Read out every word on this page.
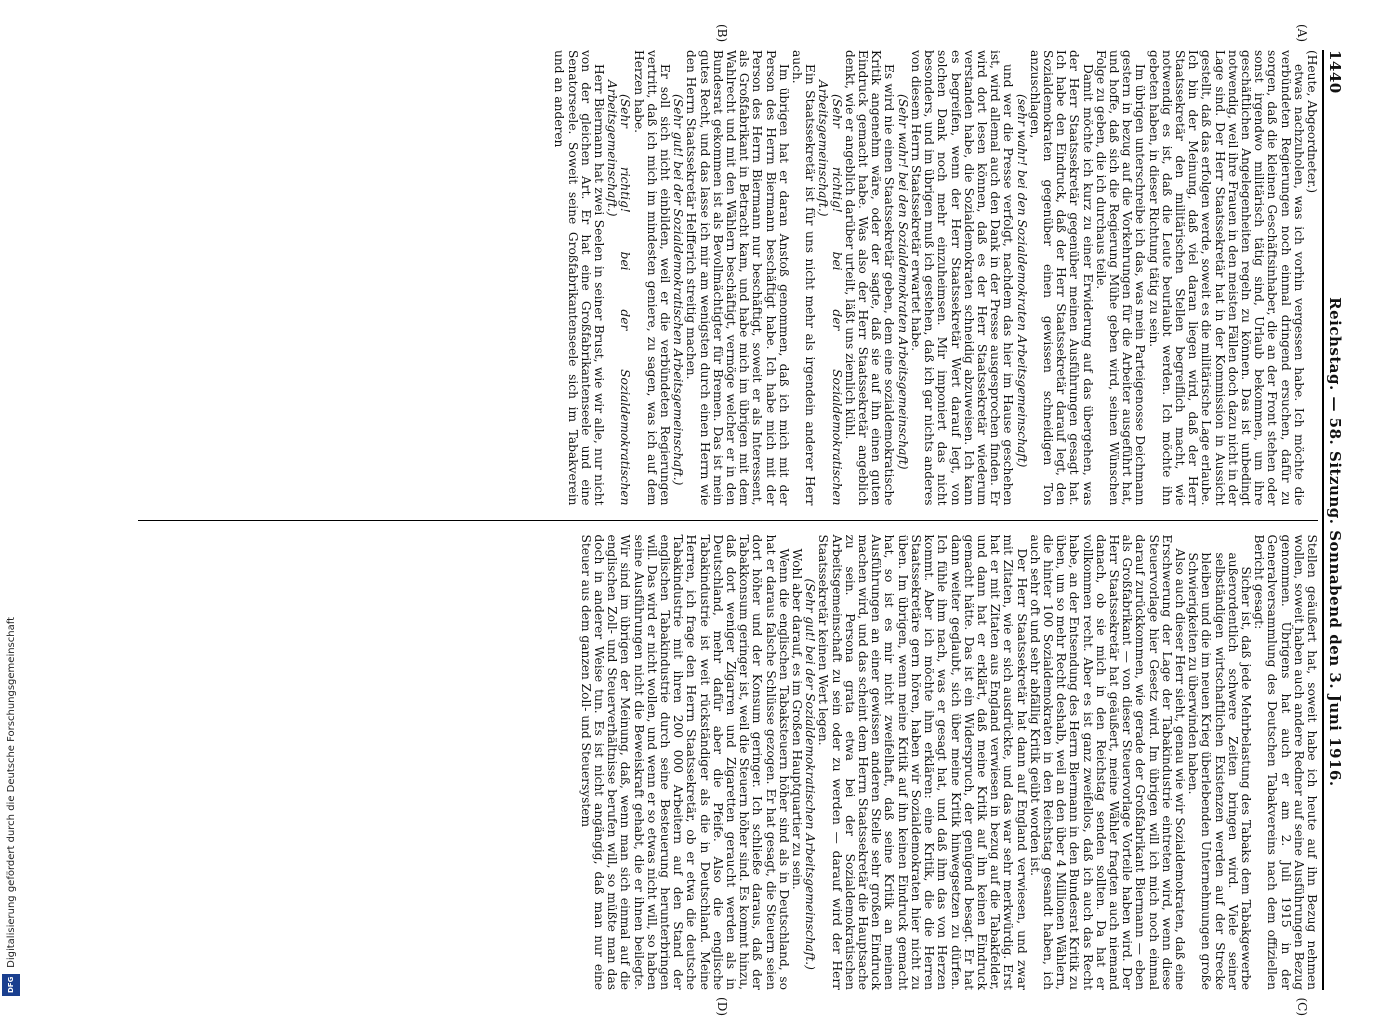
1440
Reichstag. — 58. Sitzung. Sonnabend den 3. Juni 1916.
(A)
(B)

(Heute, Abgeordneter.)

etwas nachzuholen, was ich vorhin vergessen habe. Ich möchte die verbündeten Regierungen noch einmal dringend ersuchen, dafür zu sorgen, daß die kleinen Geschäftsinhaber, die an der Front stehen oder sonst irgendwo militärisch tätig sind, Urlaub bekommen, um ihre geschäftlichen Angelegenheiten regeln zu können. Das ist unbedingt notwendig, weil ihre Frauen in den meisten Fällen doch dazu nicht in der Lage sind. Der Herr Staatssekretär hat in der Kommission in Aussicht gestellt, daß das erfolgen werde, soweit es die militärische Lage erlaube. Ich bin der Meinung, daß viel daran liegen wird, daß der Herr Staatssekretär den militärischen Stellen begreiflich macht, wie notwendig es ist, daß die Leute beurlaubt werden. Ich möchte ihn gebeten haben, in dieser Richtung tätig zu sein.

Im übrigen unterschreibe ich das, was mein Parteigenosse Deichmann gestern in bezug auf die Vorkehrungen für die Arbeiter ausgeführt hat, und hoffe, daß sich die Regierung Mühe geben wird, seinen Wünschen Folge zu geben, die ich durchaus teile.

Damit möchte ich kurz zu einer Erwiderung auf das übergehen, was der Herr Staatssekretär gegenüber meinen Ausführungen gesagt hat. Ich habe den Eindruck, daß der Herr Staatssekretär darauf legt, den Sozialdemokraten gegenüber einen gewissen schneidigen Ton anzuschlagen,

(sehr wahr! bei den Sozialdemokraten Arbeitsgemeinschaft)

und wer die Presse verfolgt, nachdem das hier im Hause geschehen ist, wird allemal auch den Dank in der Presse ausgesprochen finden. Er wird dort lesen können, daß es der Herr Staatssekretär wiederum verstanden habe, die Sozialdemokraten schneidig abzuweisen. Ich kann es begreifen, wenn der Herr Staatssekretär Wert darauf legt, von solchen Dank noch mehr einzuheimsen. Mir imponiert das nicht besonders, und im übrigen muß ich gestehen, daß ich gar nichts anderes von diesem Herrn Staatssekretär erwartet habe.

(Sehr wahr! bei den Sozialdemokraten Arbeitsgemeinschaft)

Es wird nie einen Staatssekretär geben, dem eine sozialdemokratische Kritik angenehm wäre, oder der sagte, daß sie auf ihn einen guten Eindruck gemacht habe. Was also der Herr Staatssekretär angeblich denkt, wie er angeblich darüber urteilt, läßt uns ziemlich kühl.

(Sehr richtig! bei der Sozialdemokratischen Arbeitsgemeinschaft.)

Ein Staatssekretär ist für uns nicht mehr als irgendein anderer Herr auch.

Im übrigen hat er daran Anstoß genommen, daß ich mich mit der Person des Herrn Biermann beschäftigt habe. Ich habe mich mit der Person des Herrn Biermann nur beschäftigt, soweit er als Interessent, als Großfabrikant in Betracht kam, und habe mich im übrigen mit dem Wahlrecht und mit den Wählern beschäftigt, vermöge welcher er in den Bundesrat gekommen ist als Bevollmächtigter für Bremen. Das ist mein gutes Recht, und das lasse ich mir am wenigsten durch einen Herrn wie den Herrn Staatssekretär Helfferich streitig machen.

(Sehr gut! bei der Sozialdemokratischen Arbeitsgemeinschaft.)

Er soll sich nicht einbilden, weil er die verbündeten Regierungen vertritt, daß ich mich im mindesten geniere, zu sagen, was ich auf dem Herzen habe.

(Sehr richtig! bei der Sozialdemokratischen Arbeitsgemeinschaft.)

Herr Biermann hat zwei Seelen in seiner Brust, wie wir alle, nur nicht von der gleichen Art. Er hat eine Großfabrikantenseele und eine Senatorseele. Soweit seine Großfabrikantenseele sich im Tabakverein und an anderen

(C)
(D)

Stellen geäußert hat, soweit habe ich heute auf ihn Bezug nehmen wollen, soweit haben auch andere Redner auf seine Ausführungen Bezug genommen. Übrigens hat auch er am 2. Juli 1915 in der Generalversammlung des Deutschen Tabakvereins nach dem offiziellen Bericht gesagt:

Sicher ist, daß jede Mehrbelastung des Tabaks dem Tabakgewerbe außerordentlich schwere Zeiten bringen wird. Viele seiner selbständigen wirtschaftlichen Existenzen werden auf der Strecke bleiben und die im neuen Krieg überlebenden Unternehmungen große Schwierigkeiten zu überwinden haben.

Also auch dieser Herr sieht, genau wie wir Sozialdemokraten, daß eine Erschwerung der Lage der Tabakindustrie eintreten wird, wenn diese Steuervorlage hier Gesetz wird. Im übrigen will ich mich noch einmal darauf zurückkommen, wie gerade der Großfabrikant Biermann — eben als Großfabrikant — von dieser Steuervorlage Vorteile haben wird. Der Herr Staatssekretär hat geäußert, meine Wähler fragten auch niemand danach, ob sie mich in den Reichstag senden sollten. Da hat er vollkommen recht. Aber es ist ganz zweifellos, daß ich auch das Recht habe, an der Entsendung des Herrn Biermann in den Bundesrat Kritik zu üben, um so mehr Recht deshalb, weil an den über 4 Millionen Wählern, die hinter 100 Sozialdemokraten in den Reichstag gesandt haben, ich auch sehr oft und sehr abfällig Kritik geübt worden ist.

Der Herr Staatssekretär hat dann auf England verwiesen, und zwar mit Zitaten, wie er sich ausdrückte, und das war sehr merkwürdig. Erst hat er mit Zitaten aus England verwiesen in bezug auf die Tabakfelder, und dann hat er erklärt, daß meine Kritik auf ihn keinen Eindruck gemacht hätte. Das ist ein Widerspruch, der genügend besagt. Er hat dann weiter geglaubt, sich über meine Kritik hinwegsetzen zu dürfen. Ich fühle ihm nach, was er gesagt hat, und daß ihm das von Herzen kommt. Aber ich möchte ihm erklären: eine Kritik, die die Herren Staatssekretäre gern hören, haben wir Sozialdemokraten hier nicht zu üben. Im übrigen, wenn meine Kritik auf ihn keinen Eindruck gemacht hat, so ist es mir nicht zweifelhaft, daß seine Kritik an meinen Ausführungen an einer gewissen anderen Stelle sehr großen Eindruck machen wird, und das scheint dem Herrn Staatssekretär die Hauptsache zu sein. Persona grata etwa bei der Sozialdemokratischen Arbeitsgemeinschaft zu sein oder zu werden — darauf wird der Herr Staatssekretär keinen Wert legen.

(Sehr gut! bei der Sozialdemokratischen Arbeitsgemeinschaft.)

Wohl aber darauf, es im Großen Hauptquartier zu sein.

Wenn die englischen Tabaksteuern höher sind als in Deutschland, so hat er daraus falsche Schlüsse gezogen. Er hat gesagt, die Steuern seien dort höher und der Konsum geringer. Ich schließe daraus, daß der Tabakkonsum geringer ist, weil die Steuern höher sind. Es kommt hinzu, daß dort weniger Zigarren und Zigaretten geraucht werden als in Deutschland, mehr dafür aber die Pfeife. Also die englische Tabakindustrie ist weit rückständiger als die in Deutschland. Meine Herren, ich frage den Herrn Staatssekretär, ob er etwa die deutsche Tabakindustrie mit ihren 200 000 Arbeitern auf den Stand der englischen Tabakindustrie durch seine Besteuerung herunterbringen will. Das wird er nicht wollen, und wenn er so etwas nicht will, so haben seine Ausführungen nicht die Beweiskraft gehabt, die er ihnen beilegte. Wir sind im übrigen der Meinung, daß, wenn man sich einmal auf die englischen Zoll- und Steuerverhältnisse berufen will, so müßte man das doch in anderer Weise tun. Es ist nicht angängig, daß man nur eine Steuer aus dem ganzen Zoll- und Steuersystem

Digitalisierung gefördert durch die Deutsche Forschungsgemeinschaft
DFG
